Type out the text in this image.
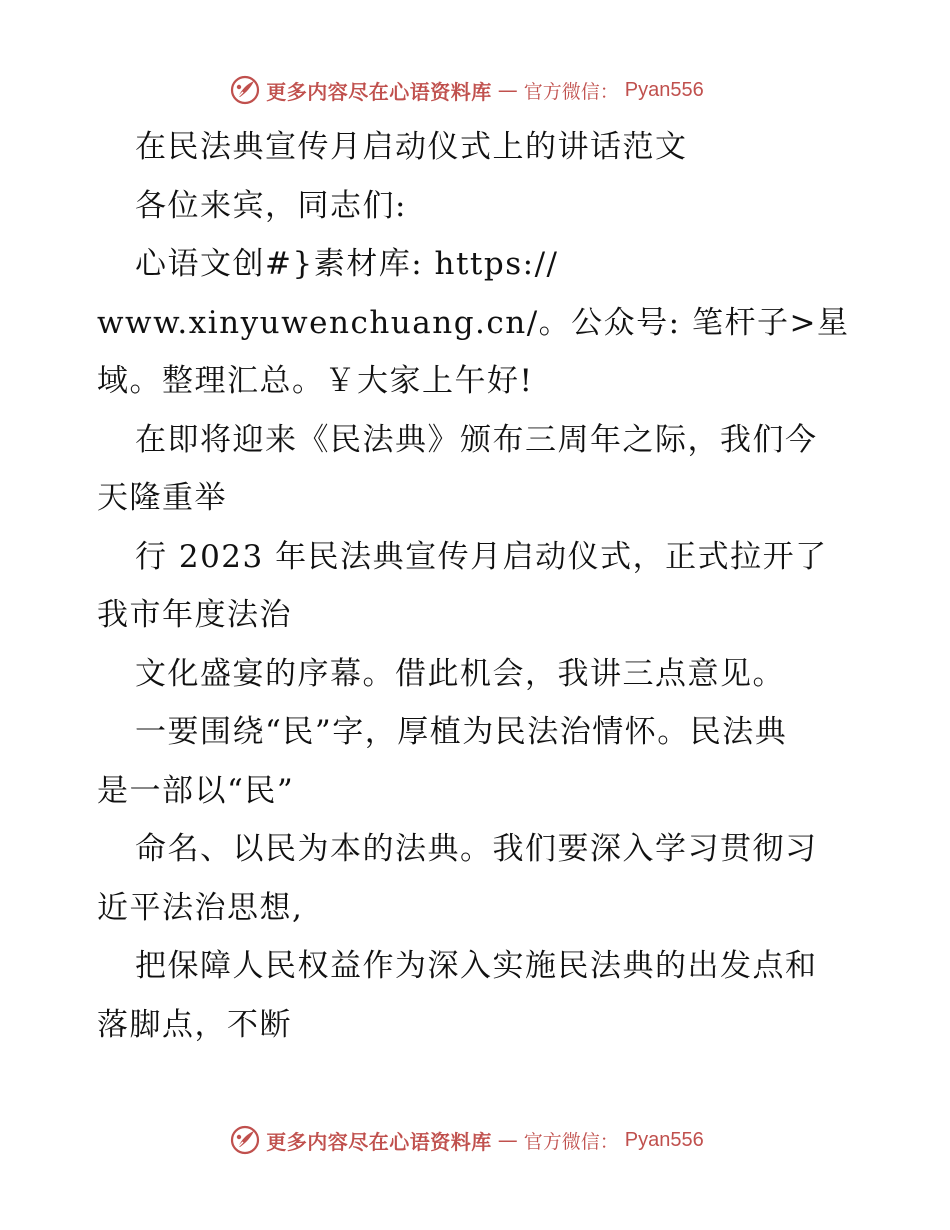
更多内容尽在心语资料库 — 官方微信： Pyan556
在民法典宣传月启动仪式上的讲话范文
各位来宾，同志们:
心语文创#}素材库: https://
www.xinyuwenchuang.cn/。公众号: 笔杆子>星
域。整理汇总。￥大家上午好!
在即将迎来《民法典》颁布三周年之际，我们今
天隆重举
行 2023 年民法典宣传月启动仪式，正式拉开了
我市年度法治
文化盛宴的序幕。借此机会，我讲三点意见。
一要围绕“民”字，厚植为民法治情怀。民法典
是一部以“民”
命名、以民为本的法典。我们要深入学习贯彻习
近平法治思想,
把保障人民权益作为深入实施民法典的出发点和
落脚点，不断
更多内容尽在心语资料库 — 官方微信： Pyan556
